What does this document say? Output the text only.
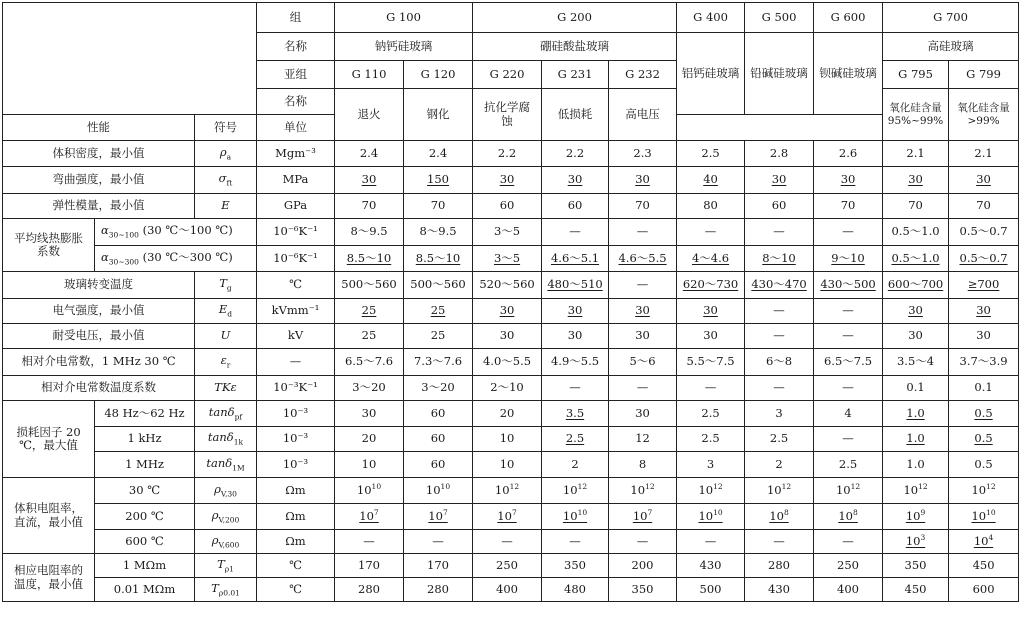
			组	G 100		G 200			G 400	G 500	G 600	G 700	
			名称	钠钙硅玻璃		硼硅酸盐玻璃			铝钙硅玻璃	铅碱硅玻璃	钡碱硅玻璃	高硅玻璃	
			亚组	G 110	G 120	G 220	G 231	G 232				G 795	G 799
			名称	退火	钢化	抗化学腐蚀	低损耗	高电压				氧化硅含量95%~99%	氧化硅含量>99%
性能		符号	单位										
体积密度，最小值		$\rho_a$	Mgm⁻³	2.4	2.4	2.2	2.2	2.3	2.5	2.8	2.6	2.1	2.1
弯曲强度，最小值		$\sigma_{ft}$	MPa	30	150	30	30	30	40	30	30	30	30
弹性模量，最小值		E	GPa	70	70	60	60	70	80	60	70	70	70
平均线热膨胀系数	$\alpha_{30\sim 100}$ (30 ℃～100 ℃)		10⁻⁶K⁻¹	8～9.5	8～9.5	3～5	—	—	—	—	—	0.5～1.0	0.5～0.7
	$\alpha_{30\sim 300}$ (30 ℃～300 ℃)		10⁻⁶K⁻¹	8.5～10	8.5～10	3～5	4.6～5.1	4.6～5.5	4～4.6	8～10	9～10	0.5～1.0	0.5～0.7
玻璃转变温度		$T_g$	℃	500～560	500～560	520～560	480～510	—	620～730	430～470	430～500	600～700	≥700
电气强度，最小值		$E_d$	kVmm⁻¹	25	25	30	30	30	30	—	—	30	30
耐受电压，最小值		U	kV	25	25	30	30	30	30	—	—	30	30
相对介电常数，1 MHz 30 ℃		$\varepsilon_r$	—	6.5～7.6	7.3～7.6	4.0～5.5	4.9～5.5	5～6	5.5～7.5	6～8	6.5～7.5	3.5～4	3.7～3.9
相对介电常数温度系数		TKε	10⁻³K⁻¹	3～20	3～20	2～10	—	—	—	—	—	0.1	0.1
损耗因子 20 ℃，最大值	48 Hz～62 Hz	tanδ$_{pf}$	10⁻³	30	60	20	3.5	30	2.5	3	4	1.0	0.5
	1 kHz	tanδ$_{1k}$	10⁻³	20	60	10	2.5	12	2.5	2.5	—	1.0	0.5
	1 MHz	tanδ$_{1M}$	10⁻³	10	60	10	2	8	3	2	2.5	1.0	0.5
体积电阻率，直流，最小值	30 ℃	$\rho_{V,30}$	Ωm	$10^{10}$	$10^{10}$	$10^{12}$	$10^{12}$	$10^{12}$	$10^{12}$	$10^{12}$	$10^{12}$	$10^{12}$	$10^{12}$
	200 ℃	$\rho_{V,200}$	Ωm	$10^7$	$10^7$	$10^7$	$10^{10}$	$10^7$	$10^{10}$	$10^8$	$10^8$	$10^9$	$10^{10}$
	600 ℃	$\rho_{V,600}$	Ωm	—	—	—	—	—	—	—	—	$10^3$	$10^4$
相应电阻率的温度，最小值	1 MΩm	$T_{\rho 1}$	℃	170	170	250	350	200	430	280	250	350	450
	0.01 MΩm	$T_{\rho 0.01}$	℃	280	280	400	480	350	500	430	400	450	600
